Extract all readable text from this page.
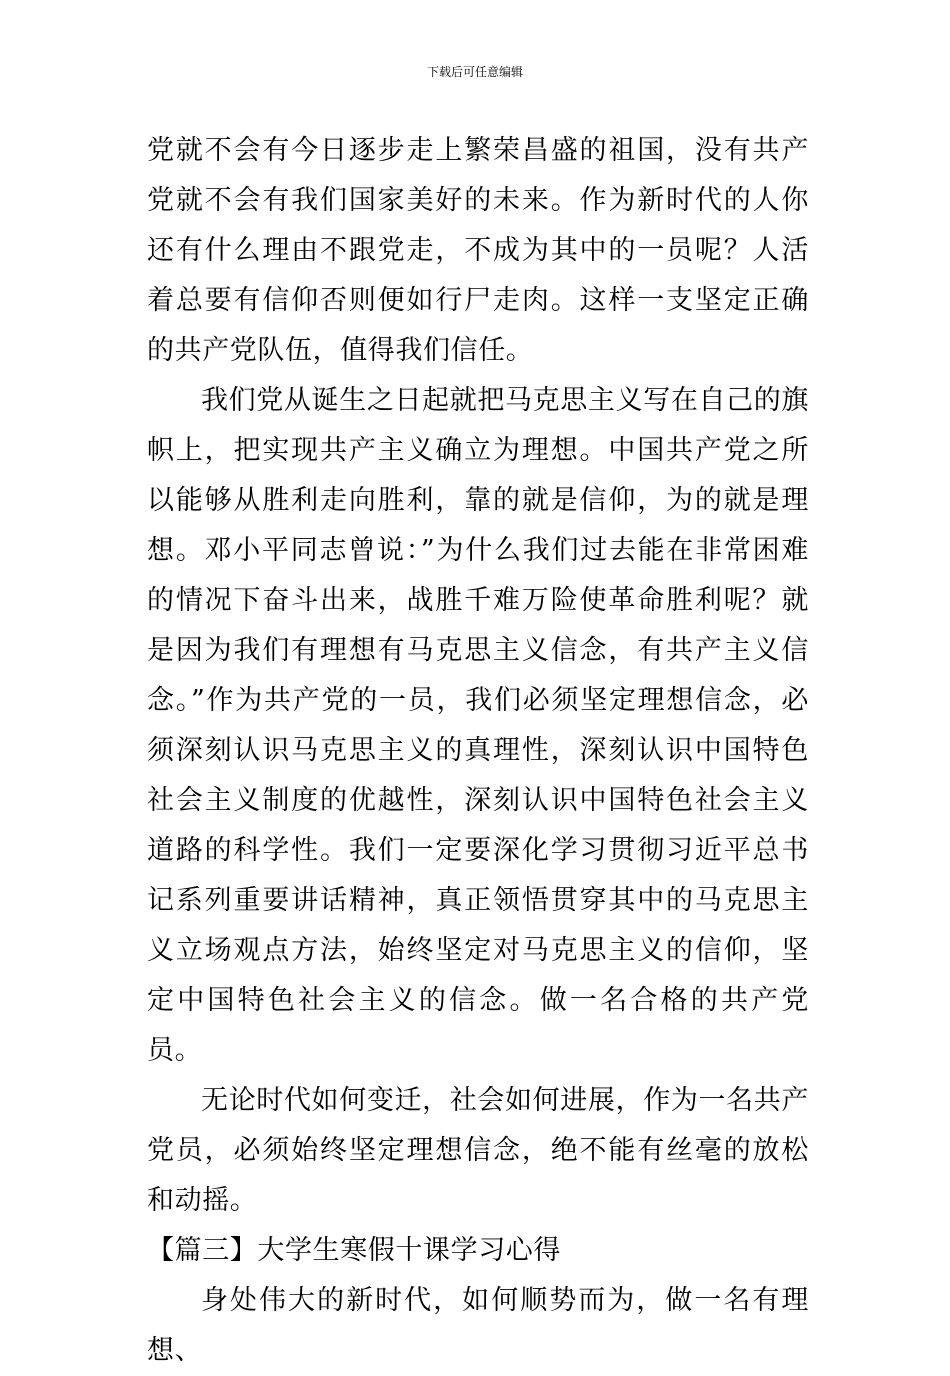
下载后可任意编辑

党就不会有今日逐步走上繁荣昌盛的祖国，没有共产党就不会有我们国家美好的未来。作为新时代的人你还有什么理由不跟党走，不成为其中的一员呢？人活着总要有信仰否则便如行尸走肉。这样一支坚定正确的共产党队伍，值得我们信任。

我们党从诞生之日起就把马克思主义写在自己的旗帜上，把实现共产主义确立为理想。中国共产党之所以能够从胜利走向胜利，靠的就是信仰，为的就是理想。邓小平同志曾说：”为什么我们过去能在非常困难的情况下奋斗出来，战胜千难万险使革命胜利呢？就是因为我们有理想有马克思主义信念，有共产主义信念。”作为共产党的一员，我们必须坚定理想信念，必须深刻认识马克思主义的真理性，深刻认识中国特色社会主义制度的优越性，深刻认识中国特色社会主义道路的科学性。我们一定要深化学习贯彻习近平总书记系列重要讲话精神，真正领悟贯穿其中的马克思主义立场观点方法，始终坚定对马克思主义的信仰，坚定中国特色社会主义的信念。做一名合格的共产党员。

无论时代如何变迁，社会如何进展，作为一名共产党员，必须始终坚定理想信念，绝不能有丝毫的放松和动摇。

【篇三】大学生寒假十课学习心得

身处伟大的新时代，如何顺势而为，做一名有理想、
